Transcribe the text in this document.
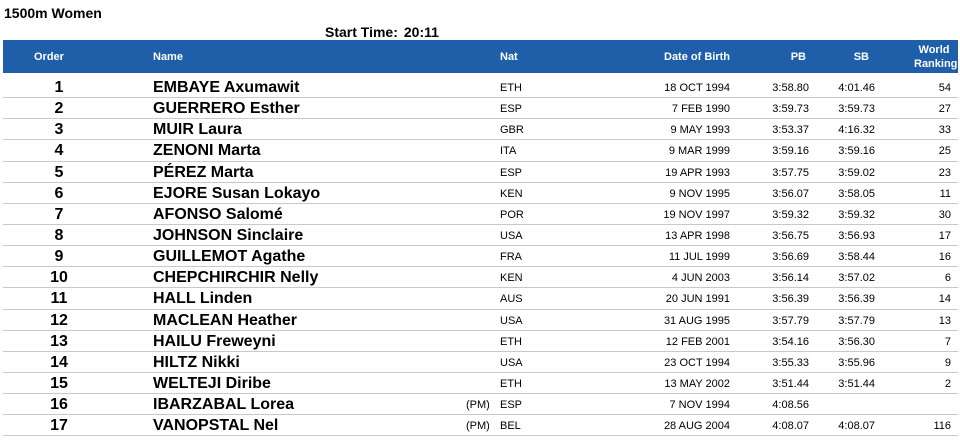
1500m Women
Start Time: 20:11
Order	Name	Nat	Date of Birth	PB	SB
World
Ranking
1	EMBAYE Axumawit	ETH	18 OCT 1994	3:58.80	4:01.46	54
2	GUERRERO Esther	ESP	7 FEB 1990	3:59.73	3:59.73	27
3	MUIR Laura	GBR	9 MAY 1993	3:53.37	4:16.32	33
4	ZENONI Marta	ITA	9 MAR 1999	3:59.16	3:59.16	25
5	PÉREZ Marta	ESP	19 APR 1993	3:57.75	3:59.02	23
6	EJORE Susan Lokayo	KEN	9 NOV 1995	3:56.07	3:58.05	11
7	AFONSO Salomé	POR	19 NOV 1997	3:59.32	3:59.32	30
8	JOHNSON Sinclaire	USA	13 APR 1998	3:56.75	3:56.93	17
9	GUILLEMOT Agathe	FRA	11 JUL 1999	3:56.69	3:58.44	16
10	CHEPCHIRCHIR Nelly	KEN	4 JUN 2003	3:56.14	3:57.02	6
11	HALL Linden	AUS	20 JUN 1991	3:56.39	3:56.39	14
12	MACLEAN Heather	USA	31 AUG 1995	3:57.79	3:57.79	13
13	HAILU Freweyni	ETH	12 FEB 2001	3:54.16	3:56.30	7
14	HILTZ Nikki	USA	23 OCT 1994	3:55.33	3:55.96	9
15	WELTEJI Diribe	ETH	13 MAY 2002	3:51.44	3:51.44	2
16	IBARZABAL Lorea	(PM) ESP	7 NOV 1994	4:08.56
17	VANOPSTAL Nel	(PM) BEL	28 AUG 2004	4:08.07	4:08.07	116
